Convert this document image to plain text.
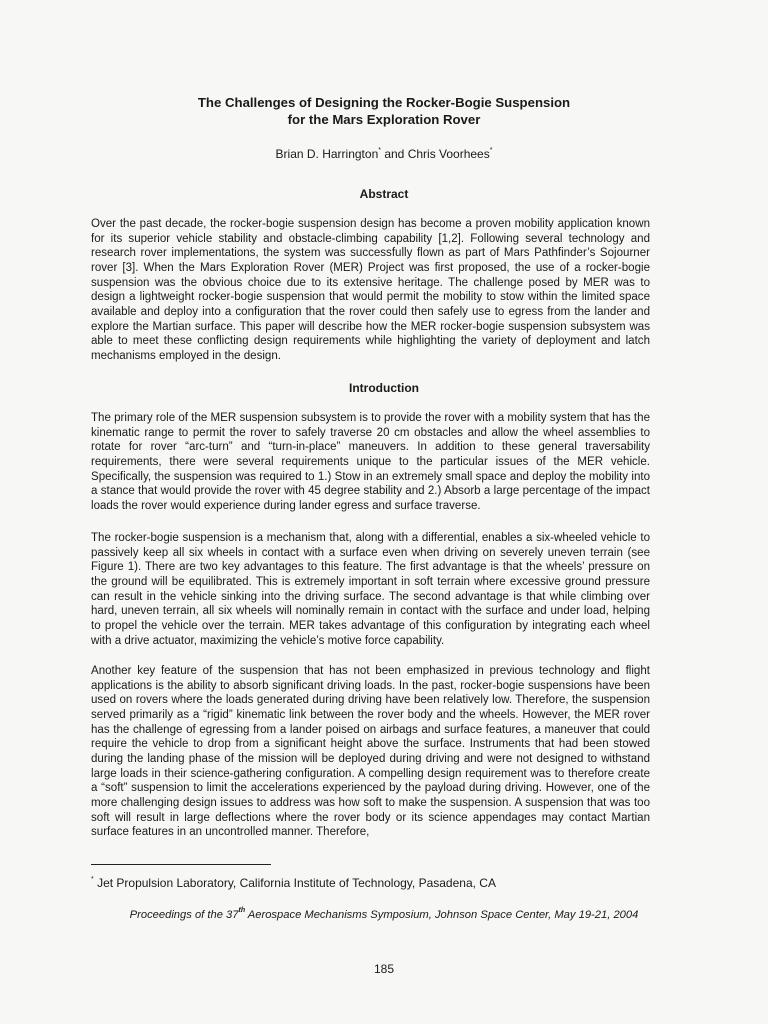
The Challenges of Designing the Rocker-Bogie Suspension
for the Mars Exploration Rover
Brian D. Harrington* and Chris Voorhees*
Abstract
Over the past decade, the rocker-bogie suspension design has become a proven mobility application known for its superior vehicle stability and obstacle-climbing capability [1,2]. Following several technology and research rover implementations, the system was successfully flown as part of Mars Pathfinder’s Sojourner rover [3]. When the Mars Exploration Rover (MER) Project was first proposed, the use of a rocker-bogie suspension was the obvious choice due to its extensive heritage. The challenge posed by MER was to design a lightweight rocker-bogie suspension that would permit the mobility to stow within the limited space available and deploy into a configuration that the rover could then safely use to egress from the lander and explore the Martian surface. This paper will describe how the MER rocker-bogie suspension subsystem was able to meet these conflicting design requirements while highlighting the variety of deployment and latch mechanisms employed in the design.
Introduction
The primary role of the MER suspension subsystem is to provide the rover with a mobility system that has the kinematic range to permit the rover to safely traverse 20 cm obstacles and allow the wheel assemblies to rotate for rover “arc-turn” and “turn-in-place” maneuvers. In addition to these general traversability requirements, there were several requirements unique to the particular issues of the MER vehicle. Specifically, the suspension was required to 1.) Stow in an extremely small space and deploy the mobility into a stance that would provide the rover with 45 degree stability and 2.) Absorb a large percentage of the impact loads the rover would experience during lander egress and surface traverse.
The rocker-bogie suspension is a mechanism that, along with a differential, enables a six-wheeled vehicle to passively keep all six wheels in contact with a surface even when driving on severely uneven terrain (see Figure 1). There are two key advantages to this feature. The first advantage is that the wheels’ pressure on the ground will be equilibrated. This is extremely important in soft terrain where excessive ground pressure can result in the vehicle sinking into the driving surface. The second advantage is that while climbing over hard, uneven terrain, all six wheels will nominally remain in contact with the surface and under load, helping to propel the vehicle over the terrain. MER takes advantage of this configuration by integrating each wheel with a drive actuator, maximizing the vehicle’s motive force capability.
Another key feature of the suspension that has not been emphasized in previous technology and flight applications is the ability to absorb significant driving loads. In the past, rocker-bogie suspensions have been used on rovers where the loads generated during driving have been relatively low. Therefore, the suspension served primarily as a “rigid” kinematic link between the rover body and the wheels. However, the MER rover has the challenge of egressing from a lander poised on airbags and surface features, a maneuver that could require the vehicle to drop from a significant height above the surface. Instruments that had been stowed during the landing phase of the mission will be deployed during driving and were not designed to withstand large loads in their science-gathering configuration. A compelling design requirement was to therefore create a “soft” suspension to limit the accelerations experienced by the payload during driving. However, one of the more challenging design issues to address was how soft to make the suspension. A suspension that was too soft will result in large deflections where the rover body or its science appendages may contact Martian surface features in an uncontrolled manner. Therefore,
* Jet Propulsion Laboratory, California Institute of Technology, Pasadena, CA
Proceedings of the 37th Aerospace Mechanisms Symposium, Johnson Space Center, May 19-21, 2004
185
